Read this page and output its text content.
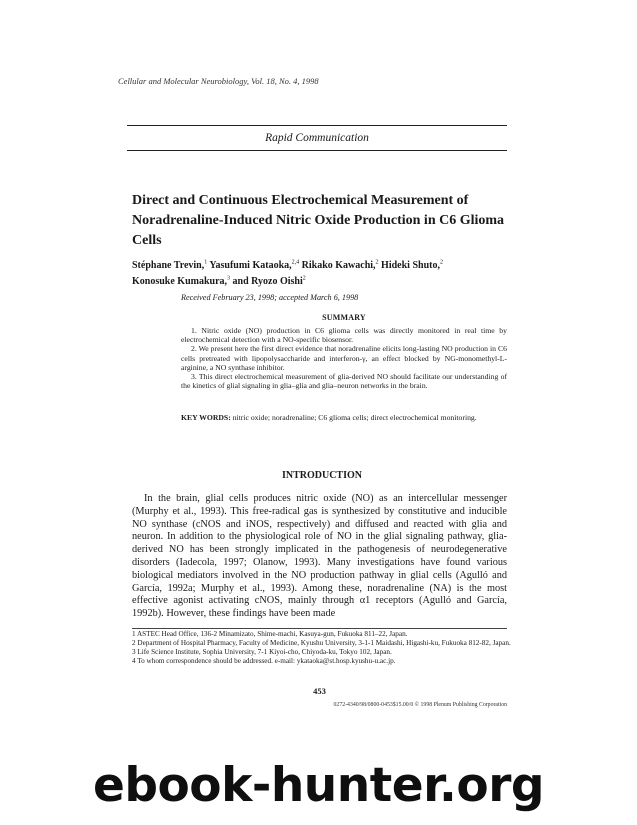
Cellular and Molecular Neurobiology, Vol. 18, No. 4, 1998
Rapid Communication
Direct and Continuous Electrochemical Measurement of Noradrenaline-Induced Nitric Oxide Production in C6 Glioma Cells
Stéphane Trevin,$^1$ Yasufumi Kataoka,$^{2,4}$ Rikako Kawachi,$^2$ Hideki Shuto,$^2$
Konosuke Kumakura,$^3$ and Ryozo Oishi$^2$
Received February 23, 1998; accepted March 6, 1998
SUMMARY

1. Nitric oxide (NO) production in C6 glioma cells was directly monitored in real time by electrochemical detection with a NO-specific biosensor.

2. We present here the first direct evidence that noradrenaline elicits long-lasting NO production in C6 cells pretreated with lipopolysaccharide and interferon-γ, an effect blocked by NG-monomethyl-L-arginine, a NO synthase inhibitor.

3. This direct electrochemical measurement of glia-derived NO should facilitate our understanding of the kinetics of glial signaling in glia–glia and glia–neuron networks in the brain.

KEY WORDS: nitric oxide; noradrenaline; C6 glioma cells; direct electrochemical monitoring.
INTRODUCTION

In the brain, glial cells produces nitric oxide (NO) as an intercellular messenger (Murphy et al., 1993). This free-radical gas is synthesized by constitutive and inducible NO synthase (cNOS and iNOS, respectively) and diffused and reacted with glia and neuron. In addition to the physiological role of NO in the glial signaling pathway, glia-derived NO has been strongly implicated in the pathogenesis of neurodegenerative disorders (Iadecola, 1997; Olanow, 1993). Many investigations have found various biological mediators involved in the NO production pathway in glial cells (Agulló and García, 1992a; Murphy et al., 1993). Among these, noradrenaline (NA) is the most effective agonist activating cNOS, mainly through α1 receptors (Agulló and García, 1992b). However, these findings have been made

1 ASTEC Head Office, 136-2 Minamizato, Shime-machi, Kasuya-gun, Fukuoka 811–22, Japan.
2 Department of Hospital Pharmacy, Faculty of Medicine, Kyushu University, 3-1-1 Maidashi, Higashi-ku, Fukuoka 812-82, Japan.
3 Life Science Institute, Sophia University, 7-1 Kiyoi-cho, Chiyoda-ku, Tokyo 102, Japan.
4 To whom correspondence should be addressed. e-mail: ykataoka@st.hosp.kyushu-u.ac.jp.
453
0272-4340/98/0800-0453$15.00/0 © 1998 Plenum Publishing Corporation
ebook-hunter.org
